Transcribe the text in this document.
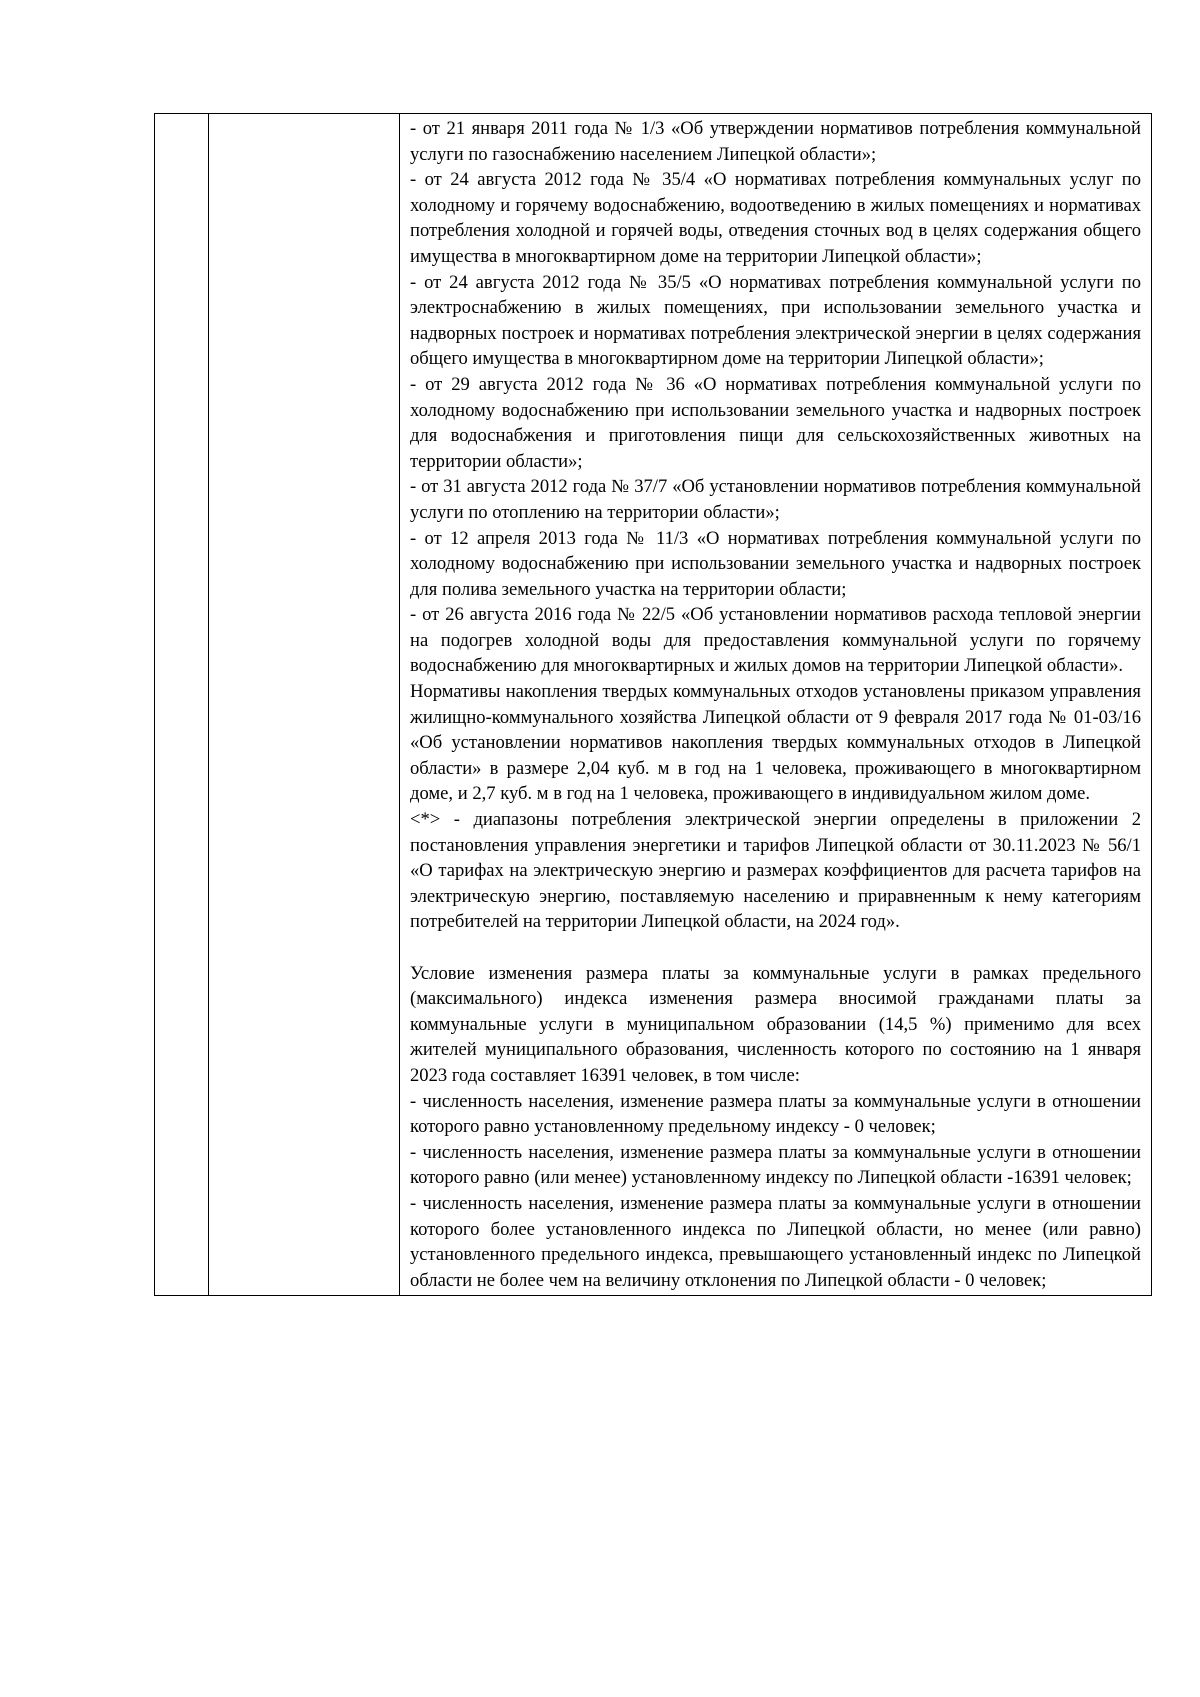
- от 21 января 2011 года № 1/3 «Об утверждении нормативов потребления коммунальной услуги по газоснабжению населением Липецкой области»;

- от 24 августа 2012 года № 35/4 «О нормативах потребления коммунальных услуг по холодному и горячему водоснабжению, водоотведению в жилых помещениях и нормативах потребления холодной и горячей воды, отведения сточных вод в целях содержания общего имущества в многоквартирном доме на территории Липецкой области»;

- от 24 августа 2012 года № 35/5 «О нормативах потребления коммунальной услуги по электроснабжению в жилых помещениях, при использовании земельного участка и надворных построек и нормативах потребления электрической энергии в целях содержания общего имущества в многоквартирном доме на территории Липецкой области»;

- от 29 августа 2012 года № 36 «О нормативах потребления коммунальной услуги по холодному водоснабжению при использовании земельного участка и надворных построек для водоснабжения и приготовления пищи для сельскохозяйственных животных на территории области»;

- от 31 августа 2012 года № 37/7 «Об установлении нормативов потребления коммунальной услуги по отоплению на территории области»;

- от 12 апреля 2013 года № 11/3 «О нормативах потребления коммунальной услуги по холодному водоснабжению при использовании земельного участка и надворных построек для полива земельного участка на территории области;

- от 26 августа 2016 года № 22/5 «Об установлении нормативов расхода тепловой энергии на подогрев холодной воды для предоставления коммунальной услуги по горячему водоснабжению для многоквартирных и жилых домов на территории Липецкой области».

Нормативы накопления твердых коммунальных отходов установлены приказом управления жилищно-коммунального хозяйства Липецкой области от 9 февраля 2017 года № 01-03/16 «Об установлении нормативов накопления твердых коммунальных отходов в Липецкой области» в размере 2,04 куб. м в год на 1 человека, проживающего в многоквартирном доме, и 2,7 куб. м в год на 1 человека, проживающего в индивидуальном жилом доме.

<*> - диапазоны потребления электрической энергии определены в приложении 2 постановления управления энергетики и тарифов Липецкой области от 30.11.2023 № 56/1 «О тарифах на электрическую энергию и размерах коэффициентов для расчета тарифов на электрическую энергию, поставляемую населению и приравненным к нему категориям потребителей на территории Липецкой области, на 2024 год».

Условие изменения размера платы за коммунальные услуги в рамках предельного (максимального) индекса изменения размера вносимой гражданами платы за коммунальные услуги в муниципальном образовании (14,5 %) применимо для всех жителей муниципального образования, численность которого по состоянию на 1 января 2023 года составляет 16391 человек, в том числе:

- численность населения, изменение размера платы за коммунальные услуги в отношении которого равно установленному предельному индексу - 0 человек;

- численность населения, изменение размера платы за коммунальные услуги в отношении которого равно (или менее) установленному индексу по Липецкой области -16391 человек;

- численность населения, изменение размера платы за коммунальные услуги в отношении которого более установленного индекса по Липецкой области, но менее (или равно) установленного предельного индекса, превышающего установленный индекс по Липецкой области не более чем на величину отклонения по Липецкой области - 0 человек;
